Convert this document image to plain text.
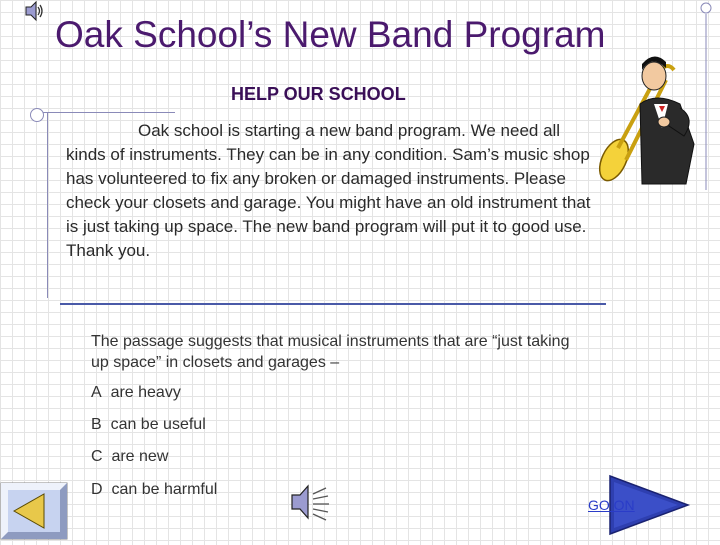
Oak School’s New Band Program
HELP OUR SCHOOL

Oak school is starting a new band program. We need all kinds of instruments. They can be in any condition. Sam’s music shop has volunteered to fix any broken or damaged instruments. Please check your closets and garage. You might have an old instrument that is just taking up space. The new band program will put it to good use. Thank you.

The passage suggests that musical instruments that are “just taking up space” in closets and garages –

A are heavy
B can be useful
C are new
D can be harmful
GO ON
